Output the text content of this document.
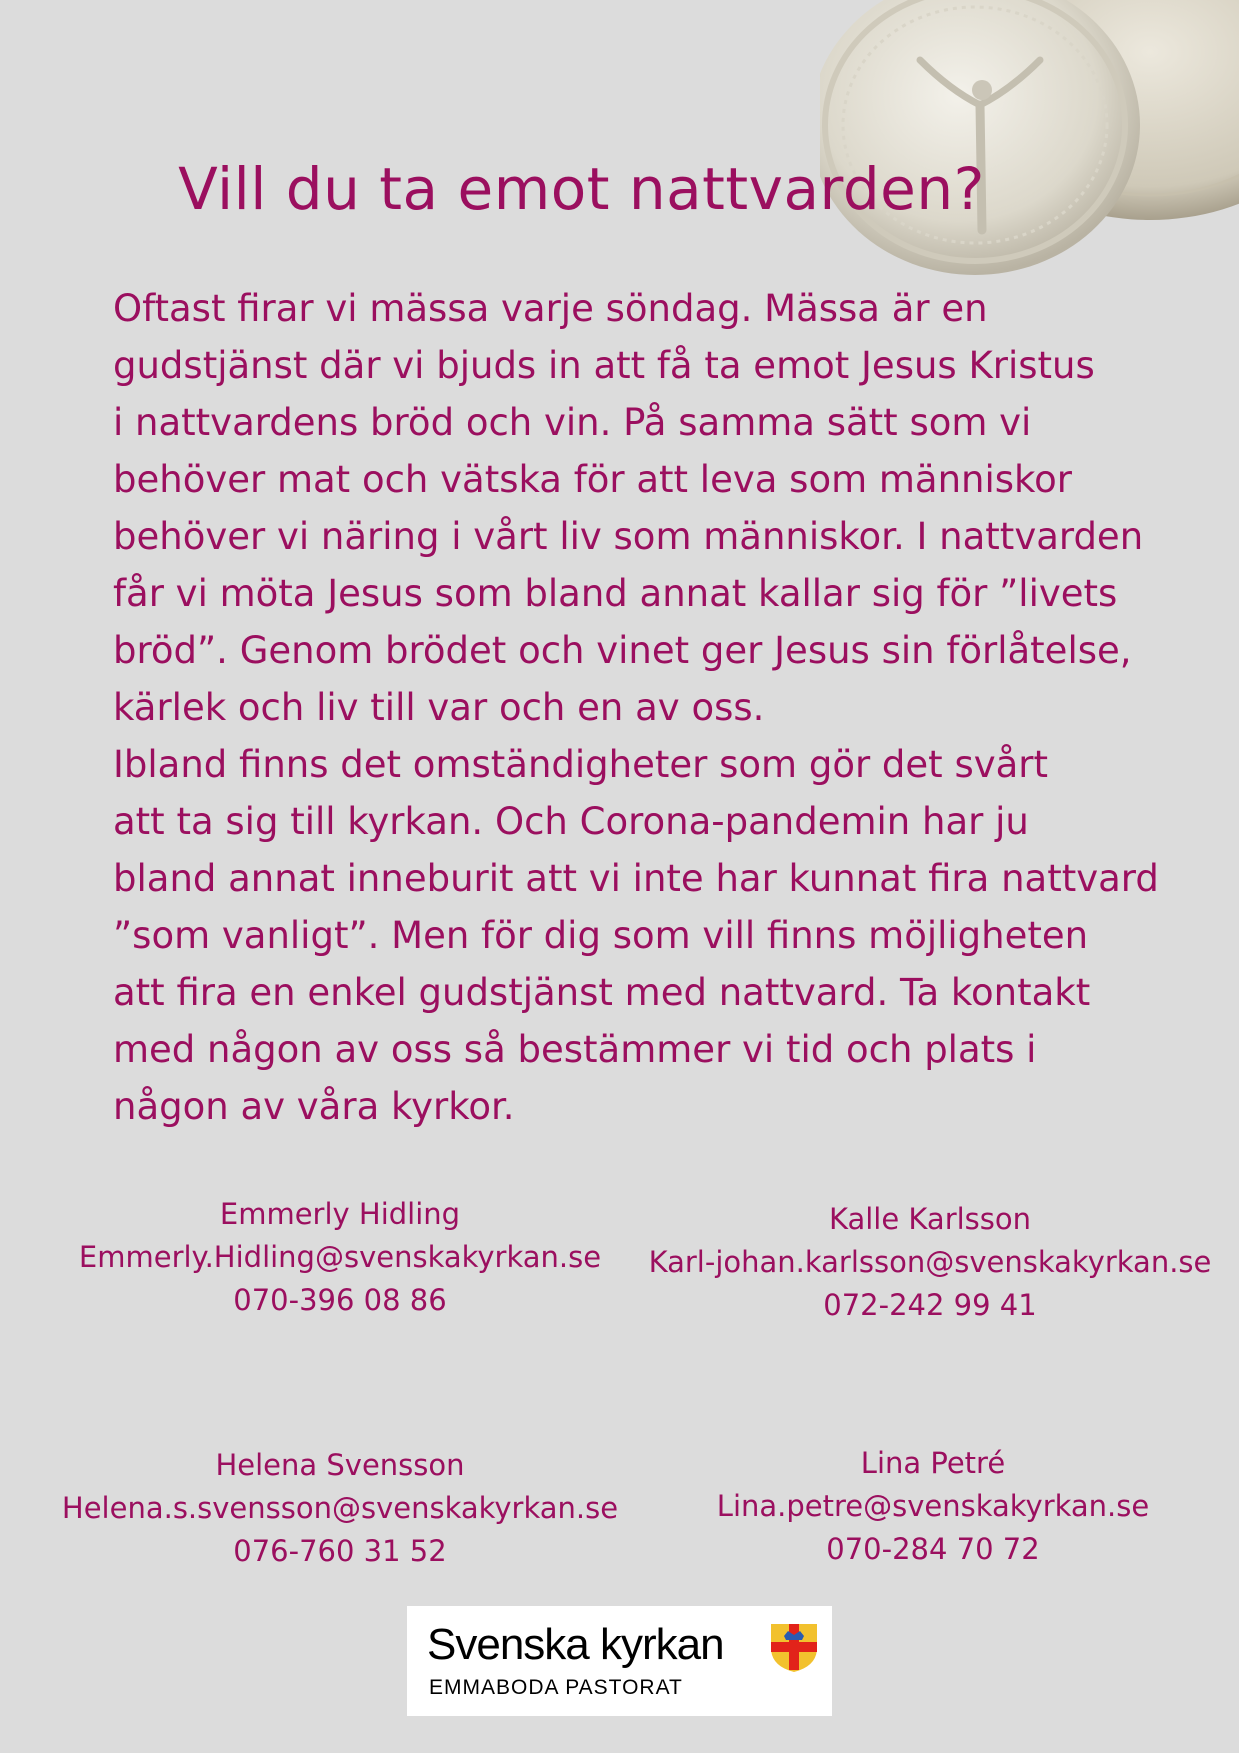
Vill du ta emot nattvarden?
Oftast firar vi mässa varje söndag. Mässa är en
gudstjänst där vi bjuds in att få ta emot Jesus Kristus
i nattvardens bröd och vin. På samma sätt som vi
behöver mat och vätska för att leva som människor
behöver vi näring i vårt liv som människor. I nattvarden
får vi möta Jesus som bland annat kallar sig för ”livets
bröd”. Genom brödet och vinet ger Jesus sin förlåtelse,
kärlek och liv till var och en av oss.
Ibland finns det omständigheter som gör det svårt
att ta sig till kyrkan. Och Corona-pandemin har ju
bland annat inneburit att vi inte har kunnat fira nattvard
”som vanligt”. Men för dig som vill finns möjligheten
att fira en enkel gudstjänst med nattvard. Ta kontakt
med någon av oss så bestämmer vi tid och plats i
någon av våra kyrkor.
Emmerly Hidling
Emmerly.Hidling@svenskakyrkan.se
070-396 08 86
Kalle Karlsson
Karl-johan.karlsson@svenskakyrkan.se
072-242 99 41
Helena Svensson
Helena.s.svensson@svenskakyrkan.se
076-760 31 52
Lina Petré
Lina.petre@svenskakyrkan.se
070-284 70 72
Svenska kyrkan
EMMABODA PASTORAT
